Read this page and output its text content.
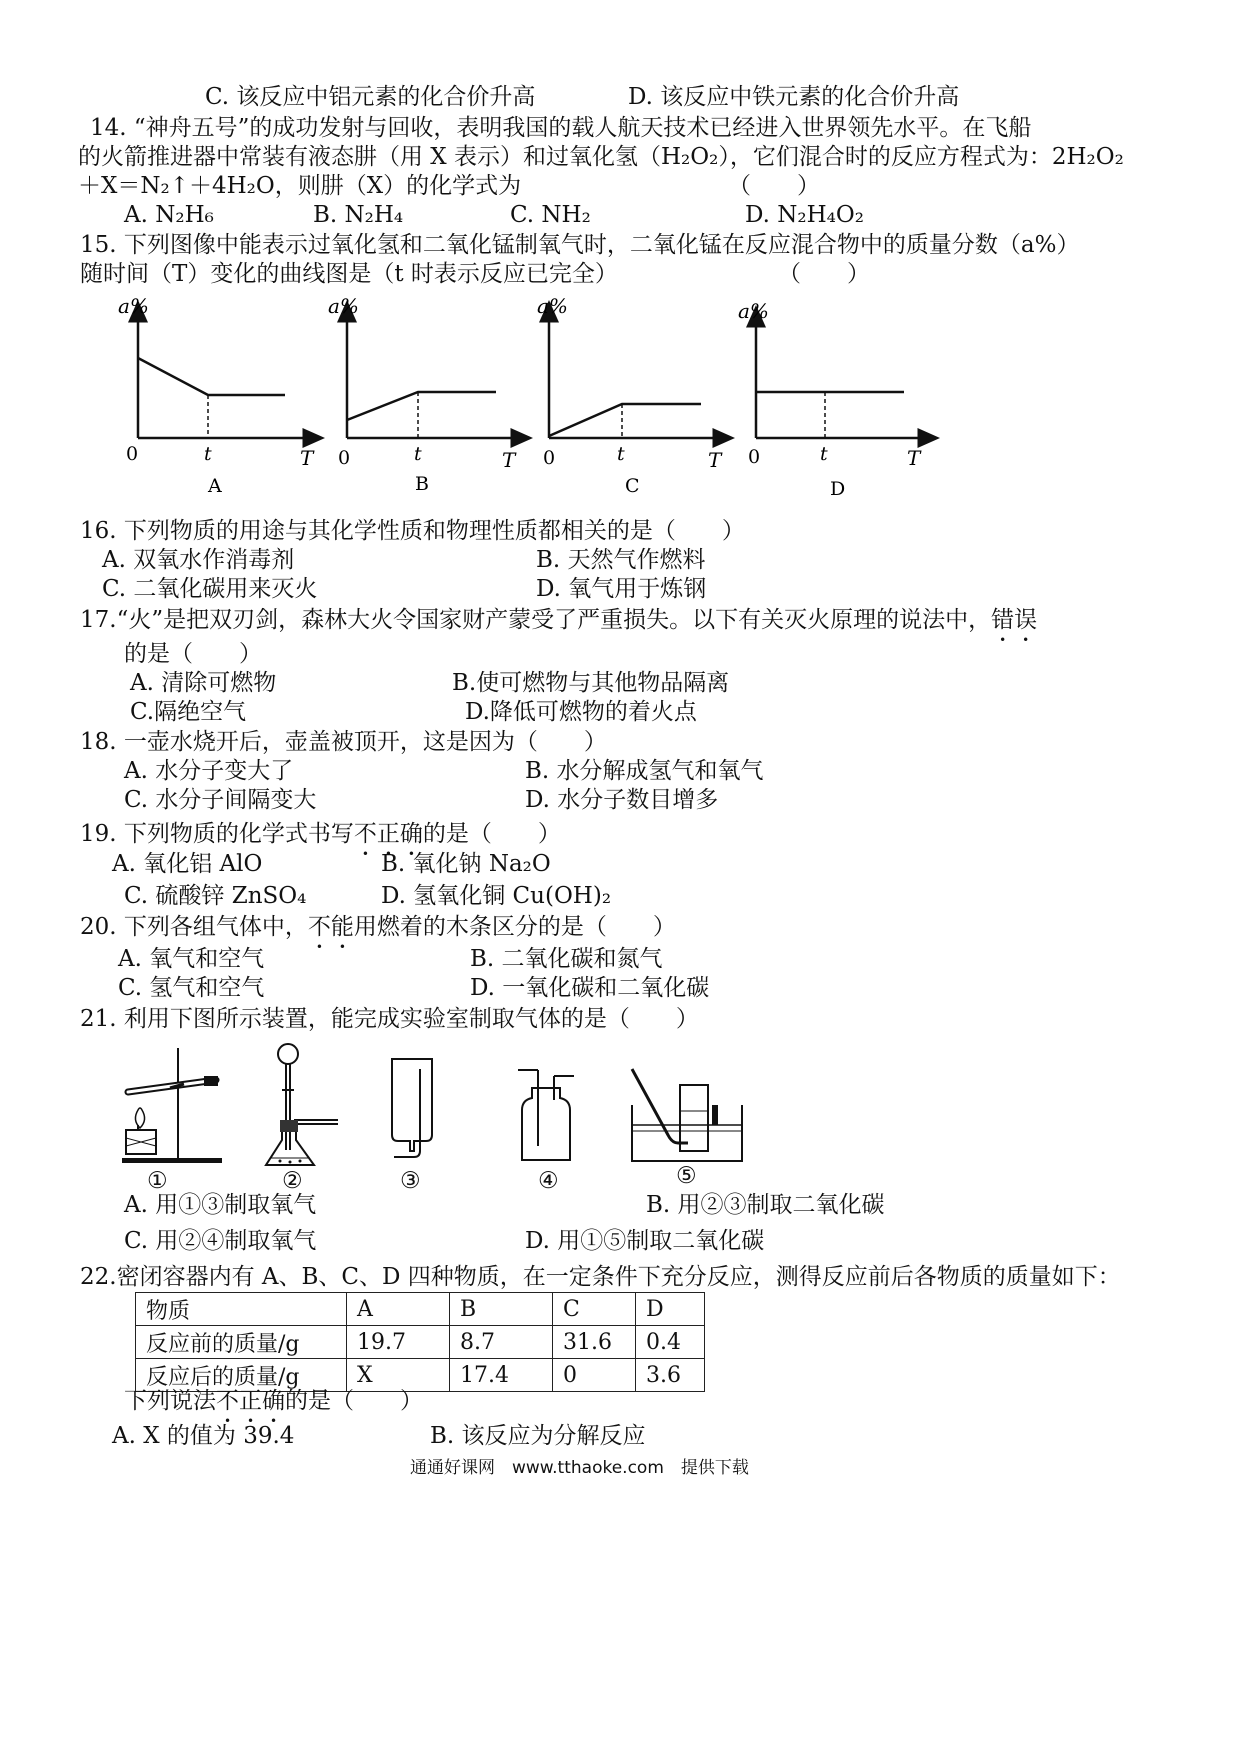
C. 该反应中铝元素的化合价升高	D. 该反应中铁元素的化合价升高
14. “神舟五号”的成功发射与回收，表明我国的载人航天技术已经进入世界领先水平。在飞船
的火箭推进器中常装有液态肼（用 X 表示）和过氧化氢（H₂O₂），它们混合时的反应方程式为：2H₂O₂
＋X＝N₂↑＋4H₂O，则肼（X）的化学式为	（　　）
A. N₂H₆	B. N₂H₄	C. NH₂	D. N₂H₄O₂
15. 下列图像中能表示过氧化氢和二氧化锰制氧气时，二氧化锰在反应混合物中的质量分数（a%）
随时间（T）变化的曲线图是（t 时表示反应已完全）	（　　）
a%
0	t	T
A
a%
0	t	T
B
a%
0	t	T
C
a%
0	t	T
D
16. 下列物质的用途与其化学性质和物理性质都相关的是（　　）
A. 双氧水作消毒剂	B. 天然气作燃料
C. 二氧化碳用来灭火	D. 氧气用于炼钢
17.“火”是把双刃剑，森林大火令国家财产蒙受了严重损失。以下有关灭火原理的说法中，错误
的是（　　）
A. 清除可燃物	B.使可燃物与其他物品隔离
C.隔绝空气	D.降低可燃物的着火点
18. 一壶水烧开后，壶盖被顶开，这是因为（　　）
A. 水分子变大了	B. 水分解成氢气和氧气
C. 水分子间隔变大	D. 水分子数目增多
19. 下列物质的化学式书写不正确的是（　　）
A. 氧化铝 AlO	B. 氧化钠 Na₂O
C. 硫酸锌 ZnSO₄	D. 氢氧化铜 Cu(OH)₂
20. 下列各组气体中，不能用燃着的木条区分的是（　　）
A. 氧气和空气	B. 二氧化碳和氮气
C. 氢气和空气	D. 一氧化碳和二氧化碳
21. 利用下图所示装置，能完成实验室制取气体的是（　　）
①	②	③	④	⑤
A. 用①③制取氧气	B. 用②③制取二氧化碳
C. 用②④制取氧气	D. 用①⑤制取二氧化碳
22.密闭容器内有 A、B、C、D 四种物质，在一定条件下充分反应，测得反应前后各物质的质量如下：
物质	A	B	C	D
反应前的质量/g	19.7	8.7	31.6	0.4
反应后的质量/g	X	17.4	0	3.6
下列说法不正确的是（　　）
A. X 的值为 39.4	B. 该反应为分解反应
通通好课网　www.tthaoke.com　提供下载
